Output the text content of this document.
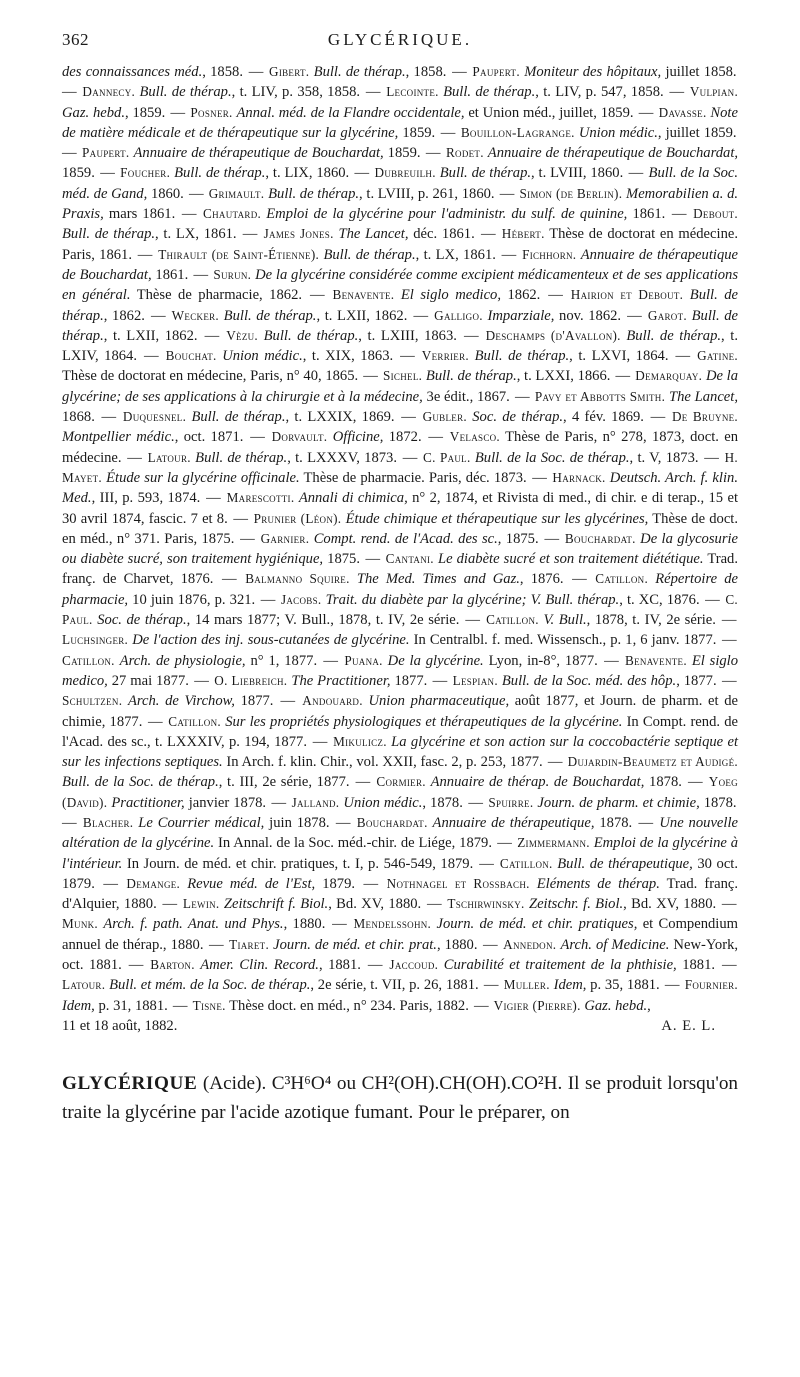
362	GLYCÉRIQUE.
des connaissances méd., 1858. — Gibert. Bull. de thérap., 1858. — Paupert. Moniteur des hôpitaux, juillet 1858. — Dannecy. Bull. de thérap., t. LIV, p. 358, 1858. — Lecointe. Bull. de thérap., t. LIV, p. 547, 1858. — Vulpian. Gaz. hebd., 1859. — Posner. Annal. méd. de la Flandre occidentale, et Union méd., juillet, 1859. — Davasse. Note de matière médicale et de thérapeutique sur la glycérine, 1859. — Bouillon-Lagrange. Union médic., juillet 1859. — Paupert. Annuaire de thérapeutique de Bouchardat, 1859. — Rodet. Annuaire de thérapeutique de Bouchardat, 1859. — Foucher. Bull. de thérap., t. LIX, 1860. — Dubreuilh. Bull. de thérap., t. LVIII, 1860. — Bull. de la Soc. méd. de Gand, 1860. — Grimault. Bull. de thérap., t. LVIII, p. 261, 1860. — Simon (de Berlin). Memorabilien a. d. Praxis, mars 1861. — Chautard. Emploi de la glycérine pour l'administr. du sulf. de quinine, 1861. — Debout. Bull. de thérap., t. LX, 1861. — James Jones. The Lancet, déc. 1861. — Hébert. Thèse de doctorat en médecine. Paris, 1861. — Thirault (de Saint-Étienne). Bull. de thérap., t. LX, 1861. — Fichhorn. Annuaire de thérapeutique de Bouchardat, 1861. — Surun. De la glycérine considérée comme excipient médicamenteux et de ses applications en général. Thèse de pharmacie, 1862. — Benavente. El siglo medico, 1862. — Hairion et Debout. Bull. de thérap., 1862. — Wecker. Bull. de thérap., t. LXII, 1862. — Galligo. Imparziale, nov. 1862. — Garot. Bull. de thérap., t. LXII, 1862. — Vèzu. Bull. de thérap., t. LXIII, 1863. — Deschamps (d'Avallon). Bull. de thérap., t. LXIV, 1864. — Bouchat. Union médic., t. XIX, 1863. — Verrier. Bull. de thérap., t. LXVI, 1864. — Gatine. Thèse de doctorat en médecine, Paris, n° 40, 1865. — Sichel. Bull. de thérap., t. LXXI, 1866. — Demarquay. De la glycérine; de ses applications à la chirurgie et à la médecine, 3e édit., 1867. — Pavy et Abbotts Smith. The Lancet, 1868. — Duquesnel. Bull. de thérap., t. LXXIX, 1869. — Gubler. Soc. de thérap., 4 fév. 1869. — De Bruyne. Montpellier médic., oct. 1871. — Dorvault. Officine, 1872. — Velasco. Thèse de Paris, n° 278, 1873, doct. en médecine. — Latour. Bull. de thérap., t. LXXXV, 1873. — C. Paul. Bull. de la Soc. de thérap., t. V, 1873. — H. Mayet. Étude sur la glycérine officinale. Thèse de pharmacie. Paris, déc. 1873. — Harnack. Deutsch. Arch. f. klin. Med., III, p. 593, 1874. — Marescotti. Annali di chimica, n° 2, 1874, et Rivista di med., di chir. e di terap., 15 et 30 avril 1874, fascic. 7 et 8. — Prunier (Léon). Étude chimique et thérapeutique sur les glycérines, Thèse de doct. en méd., n° 371. Paris, 1875. — Garnier. Compt. rend. de l'Acad. des sc., 1875. — Bouchardat. De la glycosurie ou diabète sucré, son traitement hygiénique, 1875. — Cantani. Le diabète sucré et son traitement diététique. Trad. franç. de Charvet, 1876. — Balmanno Squire. The Med. Times and Gaz., 1876. — Catillon. Répertoire de pharmacie, 10 juin 1876, p. 321. — Jacobs. Trait. du diabète par la glycérine; V. Bull. thérap., t. XC, 1876. — C. Paul. Soc. de thérap., 14 mars 1877; V. Bull., 1878, t. IV, 2e série. — Catillon. V. Bull., 1878, t. IV, 2e série. — Luchsinger. De l'action des inj. sous-cutanées de glycérine. In Centralbl. f. med. Wissensch., p. 1, 6 janv. 1877. — Catillon. Arch. de physiologie, n° 1, 1877. — Puana. De la glycérine. Lyon, in-8°, 1877. — Benavente. El siglo medico, 27 mai 1877. — O. Liebreich. The Practitioner, 1877. — Lespian. Bull. de la Soc. méd. des hôp., 1877. — Schultzen. Arch. de Virchow, 1877. — Andouard. Union pharmaceutique, août 1877, et Journ. de pharm. et de chimie, 1877. — Catillon. Sur les propriétés physiologiques et thérapeutiques de la glycérine. In Compt. rend. de l'Acad. des sc., t. LXXXIV, p. 194, 1877. — Mikulicz. La glycérine et son action sur la coccobactérie septique et sur les infections septiques. In Arch. f. klin. Chir., vol. XXII, fasc. 2, p. 253, 1877. — Dujardin-Beaumetz et Audigé. Bull. de la Soc. de thérap., t. III, 2e série, 1877. — Cormier. Annuaire de thérap. de Bouchardat, 1878. — Yoeg (David). Practitioner, janvier 1878. — Jalland. Union médic., 1878. — Spuirre. Journ. de pharm. et chimie, 1878. — Blacher. Le Courrier médical, juin 1878. — Bouchardat. Annuaire de thérapeutique, 1878. — Une nouvelle altération de la glycérine. In Annal. de la Soc. méd.-chir. de Liége, 1879. — Zimmermann. Emploi de la glycérine à l'intérieur. In Journ. de méd. et chir. pratiques, t. I, p. 546-549, 1879. — Catillon. Bull. de thérapeutique, 30 oct. 1879. — Demange. Revue méd. de l'Est, 1879. — Nothnagel et Rossbach. Eléments de thérap. Trad. franç. d'Alquier, 1880. — Lewin. Zeitschrift f. Biol., Bd. XV, 1880. — Tschirwinsky. Zeitschr. f. Biol., Bd. XV, 1880. — Munk. Arch. f. path. Anat. und Phys., 1880. — Mendelssohn. Journ. de méd. et chir. pratiques, et Compendium annuel de thérap., 1880. — Tiaret. Journ. de méd. et chir. prat., 1880. — Annedon. Arch. of Medicine. New-York, oct. 1881. — Barton. Amer. Clin. Record., 1881. — Jaccoud. Curabilité et traitement de la phthisie, 1881. — Latour. Bull. et mém. de la Soc. de thérap., 2e série, t. VII, p. 26, 1881. — Muller. Idem, p. 35, 1881. — Fournier. Idem, p. 31, 1881. — Tisne. Thèse doct. en méd., n° 234. Paris, 1882. — Vigier (Pierre). Gaz. hebd.,
11 et 18 août, 1882.	A. E. L.
GLYCÉRIQUE (Acide). C³H⁶O⁴ ou CH²(OH).CH(OH).CO²H. Il se produit lorsqu'on traite la glycérine par l'acide azotique fumant. Pour le préparer, on
